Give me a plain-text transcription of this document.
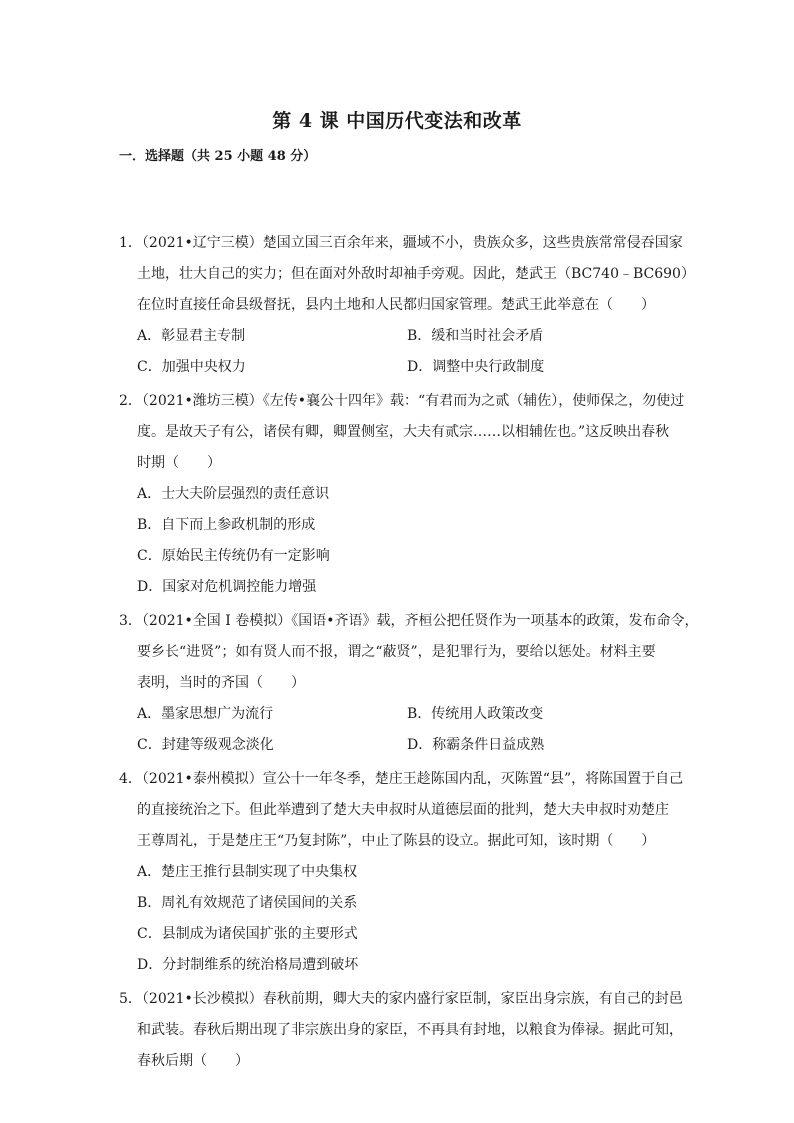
第 4 课 中国历代变法和改革
一．选择题（共 25 小题 48 分）
1．（2021•辽宁三模）楚国立国三百余年来，疆域不小，贵族众多，这些贵族常常侵吞国家
土地，壮大自己的实力；但在面对外敌时却袖手旁观。因此，楚武王（BC740﹣BC690）
在位时直接任命县级督抚，县内土地和人民都归国家管理。楚武王此举意在（　　）
A．彰显君主专制	B．缓和当时社会矛盾
C．加强中央权力	D．调整中央行政制度
2．（2021•潍坊三模）《左传•襄公十四年》载：“有君而为之贰（辅佐），使师保之，勿使过
度。是故天子有公，诸侯有卿，卿置侧室，大夫有贰宗……以相辅佐也。”这反映出春秋
时期（　　）
A．士大夫阶层强烈的责任意识
B．自下而上参政机制的形成
C．原始民主传统仍有一定影响
D．国家对危机调控能力增强
3．（2021•全国 I 卷模拟）《国语•齐语》载，齐桓公把任贤作为一项基本的政策，发布命令，
要乡长“进贤”；如有贤人而不报，谓之“蔽贤”，是犯罪行为，要给以惩处。材料主要
表明，当时的齐国（　　）
A．墨家思想广为流行	B．传统用人政策改变
C．封建等级观念淡化	D．称霸条件日益成熟
4．（2021•泰州模拟）宣公十一年冬季，楚庄王趁陈国内乱，灭陈置“县”，将陈国置于自己
的直接统治之下。但此举遭到了楚大夫申叔时从道德层面的批判，楚大夫申叔时劝楚庄
王尊周礼，于是楚庄王“乃复封陈”，中止了陈县的设立。据此可知，该时期（　　）
A．楚庄王推行县制实现了中央集权
B．周礼有效规范了诸侯国间的关系
C．县制成为诸侯国扩张的主要形式
D．分封制维系的统治格局遭到破坏
5．（2021•长沙模拟）春秋前期，卿大夫的家内盛行家臣制，家臣出身宗族，有自己的封邑
和武装。春秋后期出现了非宗族出身的家臣，不再具有封地，以粮食为俸禄。据此可知，
春秋后期（　　）
